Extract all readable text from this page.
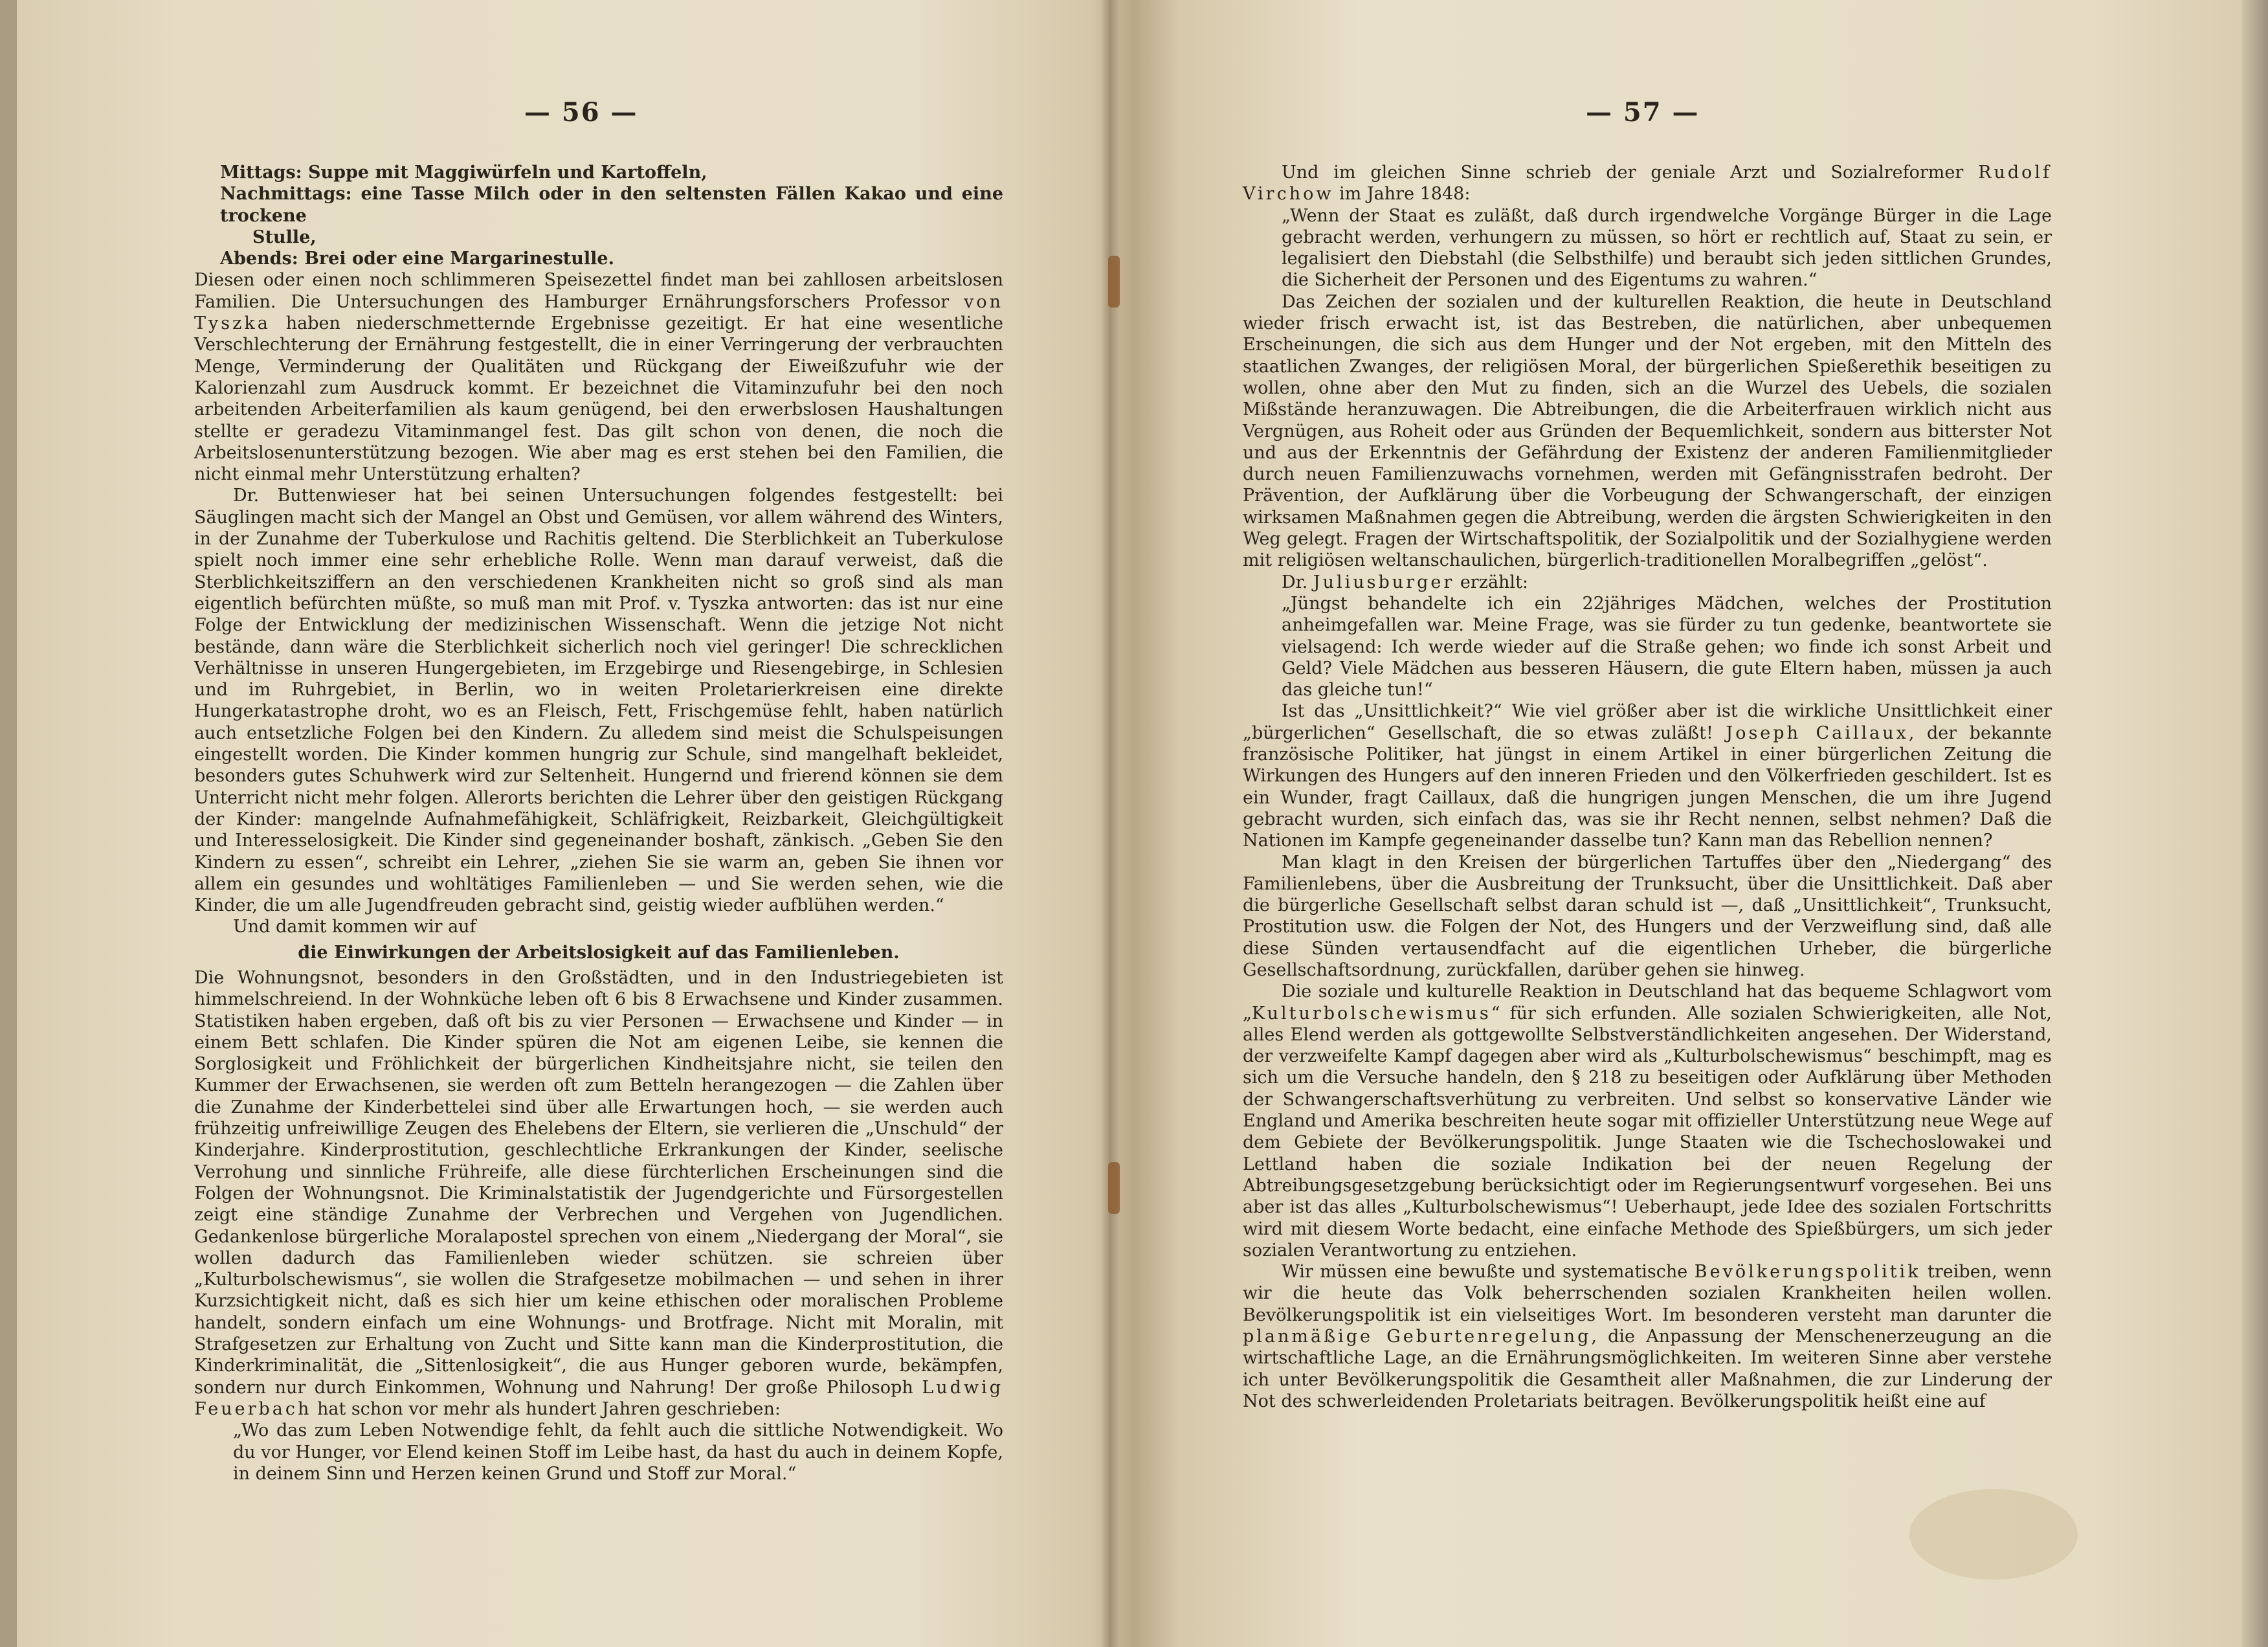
— 56 —

Mittags: Suppe mit Maggiwürfeln und Kartoffeln,

Nachmittags: eine Tasse Milch oder in den seltensten Fällen Kakao und eine trockene

Stulle,

Abends: Brei oder eine Margarinestulle.

Diesen oder einen noch schlimmeren Speisezettel findet man bei zahllosen arbeitslosen Familien. Die Untersuchungen des Hamburger Ernährungsforschers Professor von Tyszka haben niederschmetternde Ergebnisse gezeitigt. Er hat eine wesentliche Verschlechterung der Ernährung festgestellt, die in einer Verringerung der verbrauchten Menge, Verminderung der Qualitäten und Rückgang der Eiweißzufuhr wie der Kalorienzahl zum Ausdruck kommt. Er bezeichnet die Vitaminzufuhr bei den noch arbeitenden Arbeiterfamilien als kaum genügend, bei den erwerbslosen Haushaltungen stellte er geradezu Vitaminmangel fest. Das gilt schon von denen, die noch die Arbeitslosenunterstützung bezogen. Wie aber mag es erst stehen bei den Familien, die nicht einmal mehr Unterstützung erhalten?

Dr. Buttenwieser hat bei seinen Untersuchungen folgendes festgestellt: bei Säuglingen macht sich der Mangel an Obst und Gemüsen, vor allem während des Winters, in der Zunahme der Tuberkulose und Rachitis geltend. Die Sterblichkeit an Tuberkulose spielt noch immer eine sehr erhebliche Rolle. Wenn man darauf verweist, daß die Sterblichkeitsziffern an den verschiedenen Krankheiten nicht so groß sind als man eigentlich befürchten müßte, so muß man mit Prof. v. Tyszka antworten: das ist nur eine Folge der Entwicklung der medizinischen Wissenschaft. Wenn die jetzige Not nicht bestände, dann wäre die Sterblichkeit sicherlich noch viel geringer! Die schrecklichen Verhältnisse in unseren Hungergebieten, im Erzgebirge und Riesengebirge, in Schlesien und im Ruhrgebiet, in Berlin, wo in weiten Proletarierkreisen eine direkte Hungerkatastrophe droht, wo es an Fleisch, Fett, Frischgemüse fehlt, haben natürlich auch entsetzliche Folgen bei den Kindern. Zu alledem sind meist die Schulspeisungen eingestellt worden. Die Kinder kommen hungrig zur Schule, sind mangelhaft bekleidet, besonders gutes Schuhwerk wird zur Seltenheit. Hungernd und frierend können sie dem Unterricht nicht mehr folgen. Allerorts berichten die Lehrer über den geistigen Rückgang der Kinder: mangelnde Aufnahmefähigkeit, Schläfrigkeit, Reizbarkeit, Gleichgültigkeit und Interesselosigkeit. Die Kinder sind gegeneinander boshaft, zänkisch. „Geben Sie den Kindern zu essen“, schreibt ein Lehrer, „ziehen Sie sie warm an, geben Sie ihnen vor allem ein gesundes und wohltätiges Familienleben — und Sie werden sehen, wie die Kinder, die um alle Jugendfreuden gebracht sind, geistig wieder aufblühen werden.“

Und damit kommen wir auf

die Einwirkungen der Arbeitslosigkeit auf das Familienleben.

Die Wohnungsnot, besonders in den Großstädten, und in den Industriegebieten ist himmelschreiend. In der Wohnküche leben oft 6 bis 8 Erwachsene und Kinder zusammen. Statistiken haben ergeben, daß oft bis zu vier Personen — Erwachsene und Kinder — in einem Bett schlafen. Die Kinder spüren die Not am eigenen Leibe, sie kennen die Sorglosigkeit und Fröhlichkeit der bürgerlichen Kindheitsjahre nicht, sie teilen den Kummer der Erwachsenen, sie werden oft zum Betteln herangezogen — die Zahlen über die Zunahme der Kinderbettelei sind über alle Erwartungen hoch, — sie werden auch frühzeitig unfreiwillige Zeugen des Ehelebens der Eltern, sie verlieren die „Unschuld“ der Kinderjahre. Kinderprostitution, geschlechtliche Erkrankungen der Kinder, seelische Verrohung und sinnliche Frühreife, alle diese fürchterlichen Erscheinungen sind die Folgen der Wohnungsnot. Die Kriminalstatistik der Jugendgerichte und Fürsorgestellen zeigt eine ständige Zunahme der Verbrechen und Vergehen von Jugendlichen. Gedankenlose bürgerliche Moralapostel sprechen von einem „Niedergang der Moral“, sie wollen dadurch das Familienleben wieder schützen. sie schreien über „Kulturbolschewismus“, sie wollen die Strafgesetze mobilmachen — und sehen in ihrer Kurzsichtigkeit nicht, daß es sich hier um keine ethischen oder moralischen Probleme handelt, sondern einfach um eine Wohnungs- und Brotfrage. Nicht mit Moralin, mit Strafgesetzen zur Erhaltung von Zucht und Sitte kann man die Kinderprostitution, die Kinderkriminalität, die „Sittenlosigkeit“, die aus Hunger geboren wurde, bekämpfen, sondern nur durch Einkommen, Wohnung und Nahrung! Der große Philosoph Ludwig Feuerbach hat schon vor mehr als hundert Jahren geschrieben:

„Wo das zum Leben Notwendige fehlt, da fehlt auch die sittliche Notwendigkeit. Wo du vor Hunger, vor Elend keinen Stoff im Leibe hast, da hast du auch in deinem Kopfe, in deinem Sinn und Herzen keinen Grund und Stoff zur Moral.“

— 57 —

Und im gleichen Sinne schrieb der geniale Arzt und Sozialreformer Rudolf Virchow im Jahre 1848:

„Wenn der Staat es zuläßt, daß durch irgendwelche Vorgänge Bürger in die Lage gebracht werden, verhungern zu müssen, so hört er rechtlich auf, Staat zu sein, er legalisiert den Diebstahl (die Selbsthilfe) und beraubt sich jeden sittlichen Grundes, die Sicherheit der Personen und des Eigentums zu wahren.“

Das Zeichen der sozialen und der kulturellen Reaktion, die heute in Deutschland wieder frisch erwacht ist, ist das Bestreben, die natürlichen, aber unbequemen Erscheinungen, die sich aus dem Hunger und der Not ergeben, mit den Mitteln des staatlichen Zwanges, der religiösen Moral, der bürgerlichen Spießerethik beseitigen zu wollen, ohne aber den Mut zu finden, sich an die Wurzel des Uebels, die sozialen Mißstände heranzuwagen. Die Abtreibungen, die die Arbeiterfrauen wirklich nicht aus Vergnügen, aus Roheit oder aus Gründen der Bequemlichkeit, sondern aus bitterster Not und aus der Erkenntnis der Gefährdung der Existenz der anderen Familienmitglieder durch neuen Familienzuwachs vornehmen, werden mit Gefängnisstrafen bedroht. Der Prävention, der Aufklärung über die Vorbeugung der Schwangerschaft, der einzigen wirksamen Maßnahmen gegen die Abtreibung, werden die ärgsten Schwierigkeiten in den Weg gelegt. Fragen der Wirtschaftspolitik, der Sozialpolitik und der Sozialhygiene werden mit religiösen weltanschaulichen, bürgerlich-traditionellen Moralbegriffen „gelöst“.

Dr. Juliusburger erzählt:

„Jüngst behandelte ich ein 22jähriges Mädchen, welches der Prostitution anheimgefallen war. Meine Frage, was sie fürder zu tun gedenke, beantwortete sie vielsagend: Ich werde wieder auf die Straße gehen; wo finde ich sonst Arbeit und Geld? Viele Mädchen aus besseren Häusern, die gute Eltern haben, müssen ja auch das gleiche tun!“

Ist das „Unsittlichkeit?“ Wie viel größer aber ist die wirkliche Unsittlichkeit einer „bürgerlichen“ Gesellschaft, die so etwas zuläßt! Joseph Caillaux, der bekannte französische Politiker, hat jüngst in einem Artikel in einer bürgerlichen Zeitung die Wirkungen des Hungers auf den inneren Frieden und den Völkerfrieden geschildert. Ist es ein Wunder, fragt Caillaux, daß die hungrigen jungen Menschen, die um ihre Jugend gebracht wurden, sich einfach das, was sie ihr Recht nennen, selbst nehmen? Daß die Nationen im Kampfe gegeneinander dasselbe tun? Kann man das Rebellion nennen?

Man klagt in den Kreisen der bürgerlichen Tartuffes über den „Niedergang“ des Familienlebens, über die Ausbreitung der Trunksucht, über die Unsittlichkeit. Daß aber die bürgerliche Gesellschaft selbst daran schuld ist —, daß „Unsittlichkeit“, Trunksucht, Prostitution usw. die Folgen der Not, des Hungers und der Verzweiflung sind, daß alle diese Sünden vertausendfacht auf die eigentlichen Urheber, die bürgerliche Gesellschaftsordnung, zurückfallen, darüber gehen sie hinweg.

Die soziale und kulturelle Reaktion in Deutschland hat das bequeme Schlagwort vom „Kulturbolschewismus“ für sich erfunden. Alle sozialen Schwierigkeiten, alle Not, alles Elend werden als gottgewollte Selbstverständlichkeiten angesehen. Der Widerstand, der verzweifelte Kampf dagegen aber wird als „Kulturbolschewismus“ beschimpft, mag es sich um die Versuche handeln, den § 218 zu beseitigen oder Aufklärung über Methoden der Schwangerschaftsverhütung zu verbreiten. Und selbst so konservative Länder wie England und Amerika beschreiten heute sogar mit offizieller Unterstützung neue Wege auf dem Gebiete der Bevölkerungspolitik. Junge Staaten wie die Tschechoslowakei und Lettland haben die soziale Indikation bei der neuen Regelung der Abtreibungsgesetzgebung berücksichtigt oder im Regierungsentwurf vorgesehen. Bei uns aber ist das alles „Kulturbolschewismus“! Ueberhaupt, jede Idee des sozialen Fortschritts wird mit diesem Worte bedacht, eine einfache Methode des Spießbürgers, um sich jeder sozialen Verantwortung zu entziehen.

Wir müssen eine bewußte und systematische Bevölkerungspolitik treiben, wenn wir die heute das Volk beherrschenden sozialen Krankheiten heilen wollen. Bevölkerungspolitik ist ein vielseitiges Wort. Im besonderen versteht man darunter die planmäßige Geburtenregelung, die Anpassung der Menschenerzeugung an die wirtschaftliche Lage, an die Ernährungsmöglichkeiten. Im weiteren Sinne aber verstehe ich unter Bevölkerungspolitik die Gesamtheit aller Maßnahmen, die zur Linderung der Not des schwerleidenden Proletariats beitragen. Bevölkerungspolitik heißt eine auf
